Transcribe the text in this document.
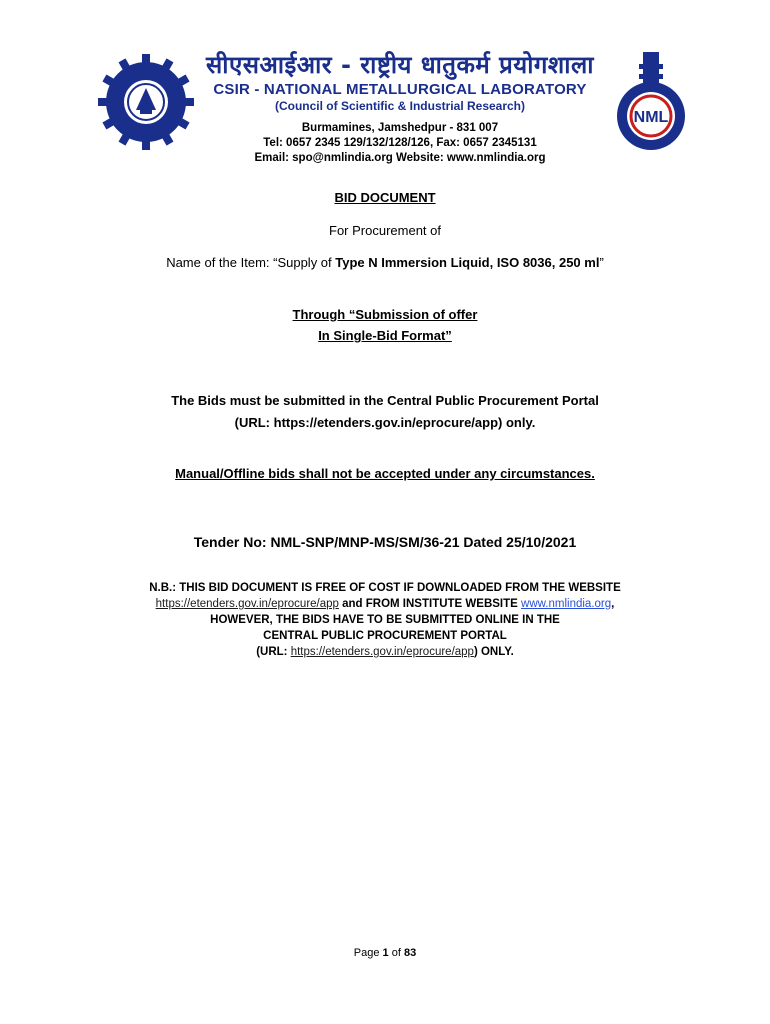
सीएसआईआर - राष्ट्रीय धातुकर्म प्रयोगशाला
CSIR - NATIONAL METALLURGICAL LABORATORY
(Council of Scientific & Industrial Research)
Burmamines, Jamshedpur - 831 007
Tel: 0657 2345 129/132/128/126, Fax: 0657 2345131
Email: spo@nmlindia.org Website: www.nmlindia.org
NML
BID DOCUMENT
For Procurement of
Name of the Item: “Supply of Type N Immersion Liquid, ISO 8036, 250 ml”
Through “Submission of offer
In Single-Bid Format”
The Bids must be submitted in the Central Public Procurement Portal
(URL: https://etenders.gov.in/eprocure/app) only.
Manual/Offline bids shall not be accepted under any circumstances.
Tender No: NML-SNP/MNP-MS/SM/36-21 Dated 25/10/2021
N.B.: THIS BID DOCUMENT IS FREE OF COST IF DOWNLOADED FROM THE WEBSITE
https://etenders.gov.in/eprocure/app and FROM INSTITUTE WEBSITE www.nmlindia.org,
HOWEVER, THE BIDS HAVE TO BE SUBMITTED ONLINE IN THE
CENTRAL PUBLIC PROCUREMENT PORTAL
(URL: https://etenders.gov.in/eprocure/app) ONLY.
Page 1 of 83
